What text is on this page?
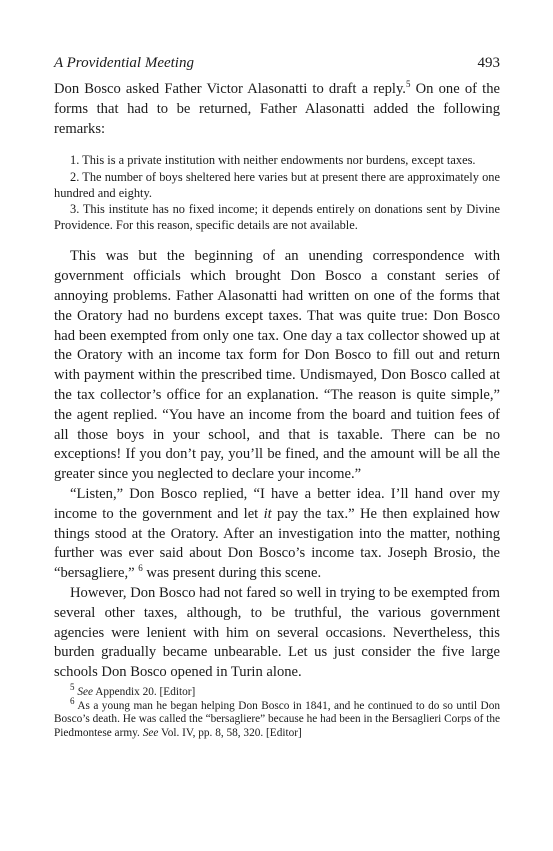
A Providential Meeting	493

Don Bosco asked Father Victor Alasonatti to draft a reply.$^5$ On one of the forms that had to be returned, Father Alasonatti added the following remarks:

1. This is a private institution with neither endowments nor burdens, except taxes.

2. The number of boys sheltered here varies but at present there are approximately one hundred and eighty.

3. This institute has no fixed income; it depends entirely on donations sent by Divine Providence. For this reason, specific details are not available.

This was but the beginning of an unending correspondence with government officials which brought Don Bosco a constant series of annoying problems. Father Alasonatti had written on one of the forms that the Oratory had no burdens except taxes. That was quite true: Don Bosco had been exempted from only one tax. One day a tax collector showed up at the Oratory with an income tax form for Don Bosco to fill out and return with payment within the prescribed time. Undismayed, Don Bosco called at the tax collector’s office for an explanation. “The reason is quite simple,” the agent replied. “You have an income from the board and tuition fees of all those boys in your school, and that is taxable. There can be no exceptions! If you don’t pay, you’ll be fined, and the amount will be all the greater since you neglected to declare your income.”

“Listen,” Don Bosco replied, “I have a better idea. I’ll hand over my income to the government and let it pay the tax.” He then explained how things stood at the Oratory. After an investigation into the matter, nothing further was ever said about Don Bosco’s income tax. Joseph Brosio, the “bersagliere,” $^6$ was present during this scene.

However, Don Bosco had not fared so well in trying to be exempted from several other taxes, although, to be truthful, the various government agencies were lenient with him on several occasions. Nevertheless, this burden gradually became unbearable. Let us just consider the five large schools Don Bosco opened in Turin alone.

$^5$ See Appendix 20. [Editor]

$^6$ As a young man he began helping Don Bosco in 1841, and he continued to do so until Don Bosco’s death. He was called the “bersagliere” because he had been in the Bersaglieri Corps of the Piedmontese army. See Vol. IV, pp. 8, 58, 320. [Editor]
